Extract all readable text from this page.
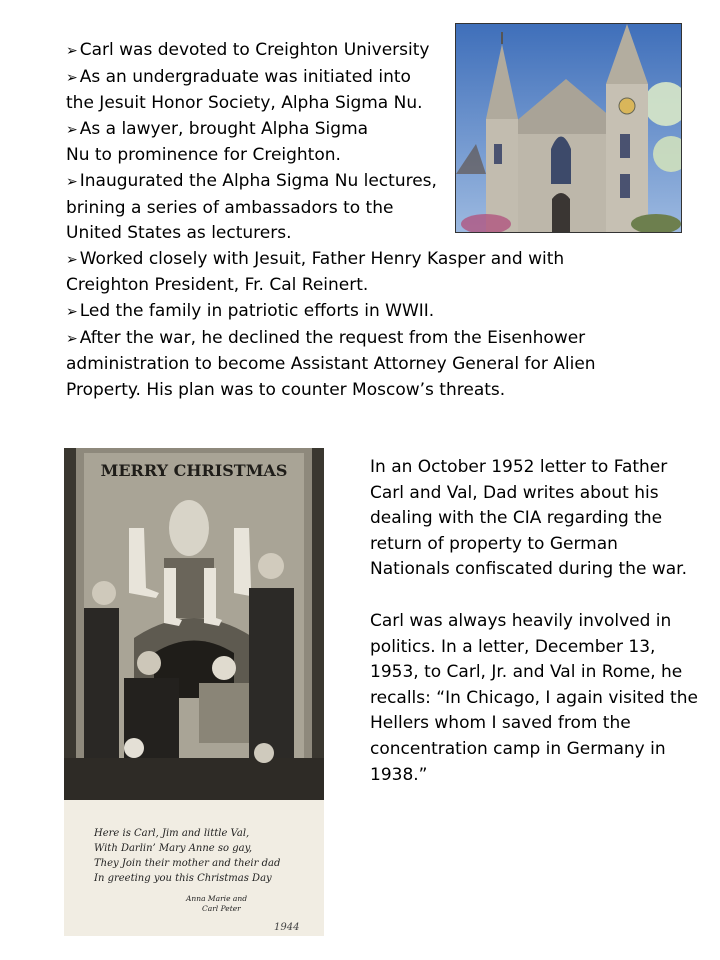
➢ Carl was devoted to Creighton University
➢ As an undergraduate was initiated into
the Jesuit Honor Society, Alpha Sigma Nu.
➢ As a lawyer, brought Alpha Sigma
Nu to prominence for Creighton.
➢ Inaugurated the Alpha Sigma Nu lectures,
brining a series of ambassadors to the
United States as lecturers.
➢ Worked closely with Jesuit, Father Henry Kasper and with
Creighton President, Fr. Cal Reinert.
➢ Led the family in patriotic efforts in WWII.
➢ After the war, he declined the request from the Eisenhower
administration to become Assistant Attorney General for Alien
Property. His plan was to counter Moscow’s threats.
MERRY CHRISTMAS
Here is Carl, Jim and little Val,
With Darlin’ Mary Anne so gay,
They Join their mother and their dad
In greeting you this Christmas Day
Anna Marie and
Carl Peter
1944

In an October 1952 letter to Father
Carl and Val, Dad writes about his
dealing with the CIA regarding the
return of property to German
Nationals confiscated during the war.

Carl was always heavily involved in
politics. In a letter, December 13,
1953, to Carl, Jr. and Val in Rome, he
recalls: “In Chicago, I again visited the
Hellers whom I saved from the
concentration camp in Germany in
1938.”
